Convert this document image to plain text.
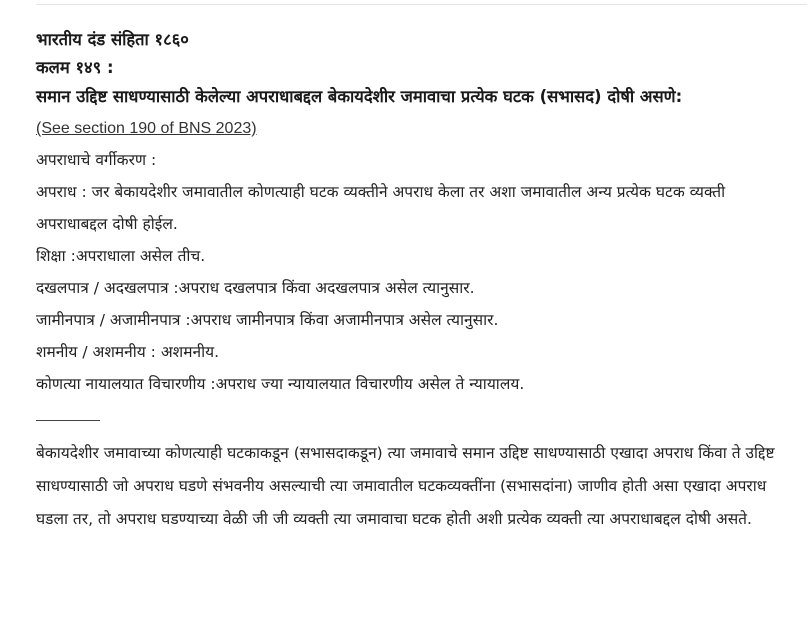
भारतीय दंड संहिता १८६०
कलम १४९ :
समान उद्दिष्ट साधण्यासाठी केलेल्या अपराधाबद्दल बेकायदेशीर जमावाचा प्रत्येक घटक (सभासद) दोषी असणे:
(See section 190 of BNS 2023)
अपराधाचे वर्गीकरण :
अपराध : जर बेकायदेशीर जमावातील कोणत्याही घटक व्यक्तीने अपराध केला तर अशा जमावातील अन्य प्रत्येक घटक व्यक्ती अपराधाबद्दल दोषी होईल.
शिक्षा :अपराधाला असेल तीच.
दखलपात्र / अदखलपात्र :अपराध दखलपात्र किंवा अदखलपात्र असेल त्यानुसार.
जामीनपात्र / अजामीनपात्र :अपराध जामीनपात्र किंवा अजामीनपात्र असेल त्यानुसार.
शमनीय / अशमनीय : अशमनीय.
कोणत्या नायालयात विचारणीय :अपराध ज्या न्यायालयात विचारणीय असेल ते न्यायालय.

बेकायदेशीर जमावाच्या कोणत्याही घटकाकडून (सभासदाकडून) त्या जमावाचे समान उद्दिष्ट साधण्यासाठी एखादा अपराध किंवा ते उद्दिष्ट साधण्यासाठी जो अपराध घडणे संभवनीय असल्याची त्या जमावातील घटकव्यक्तींना (सभासदांना) जाणीव होती असा एखादा अपराध घडला तर, तो अपराध घडण्याच्या वेळी जी जी व्यक्ती त्या जमावाचा घटक होती अशी प्रत्येक व्यक्ती त्या अपराधाबद्दल दोषी असते.
